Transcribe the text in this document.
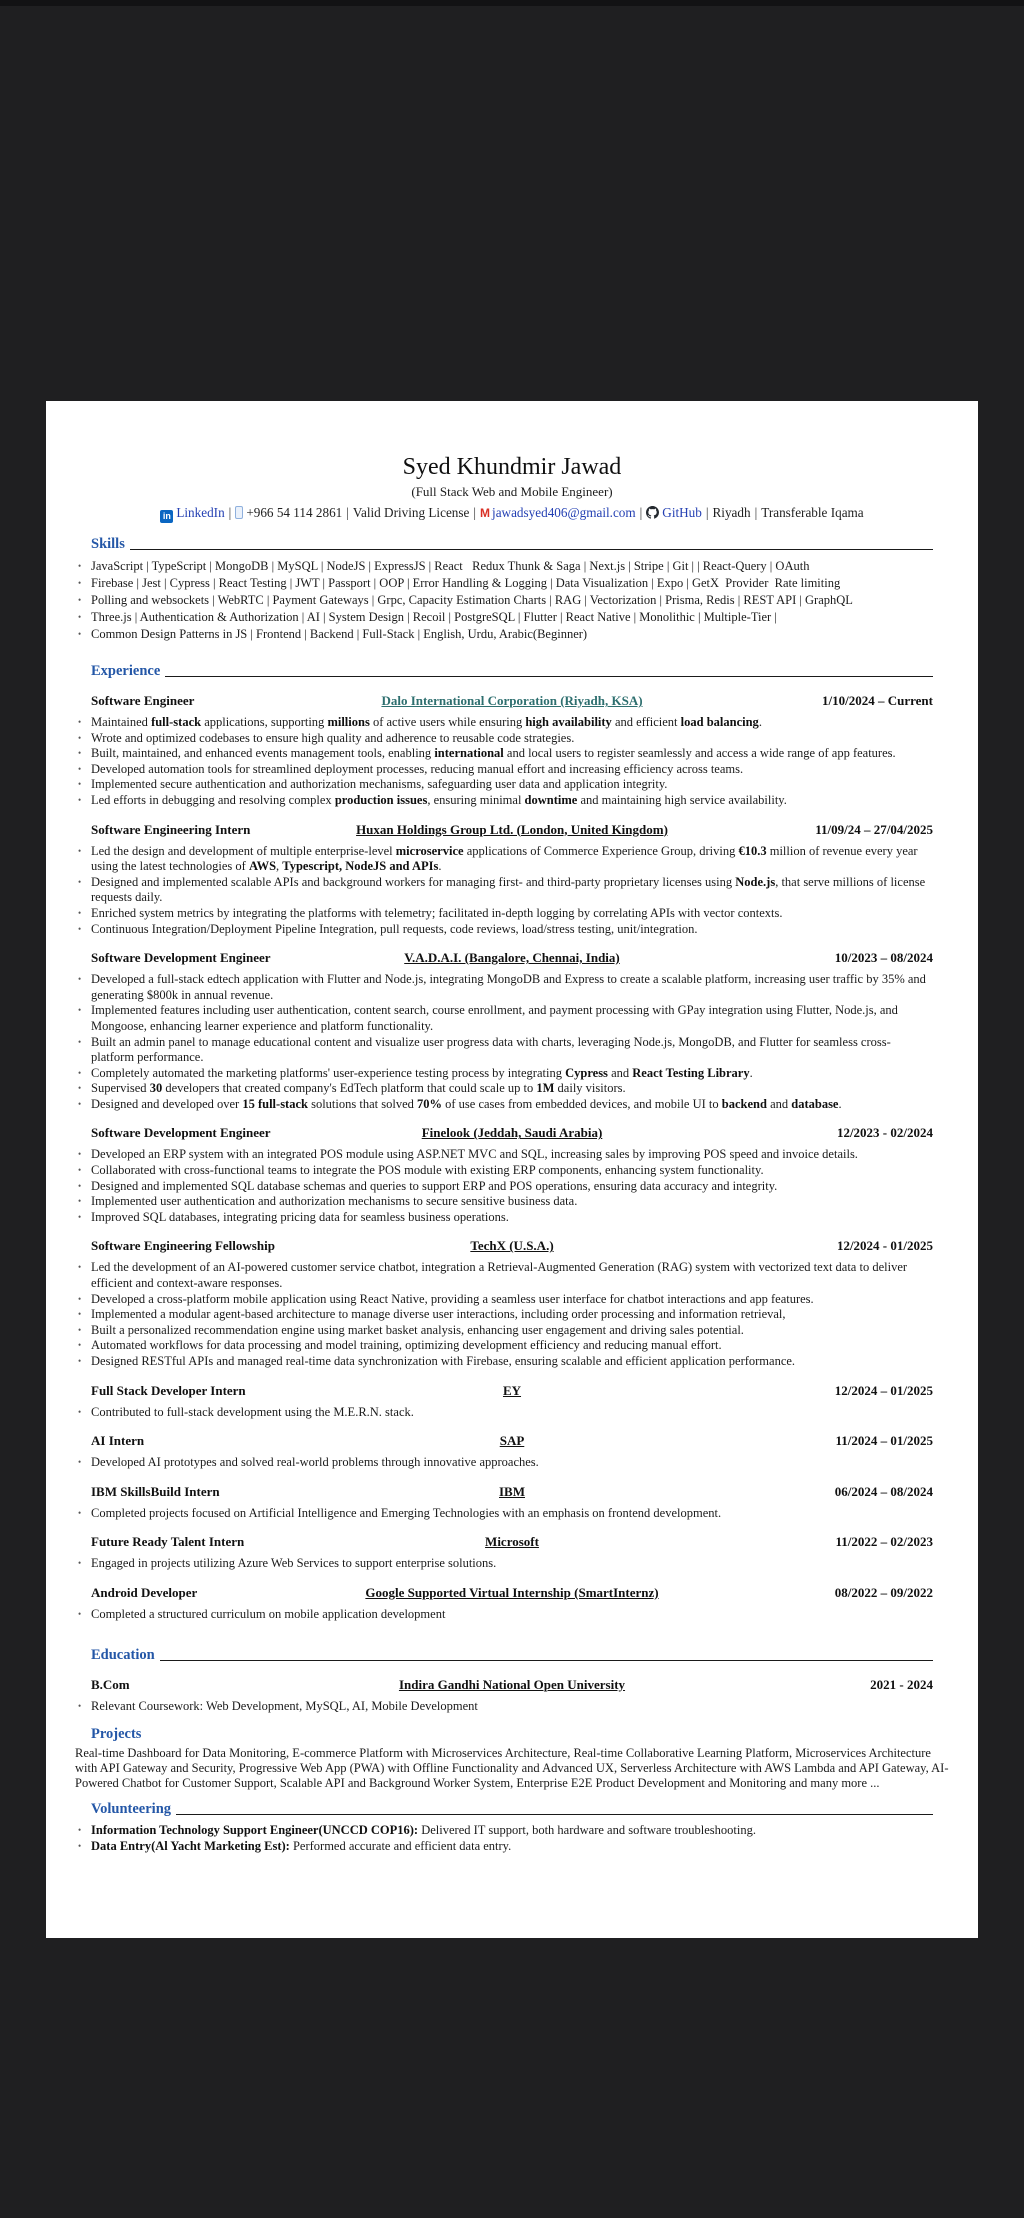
Syed Khundmir Jawad
(Full Stack Web and Mobile Engineer)
in LinkedIn | +966 54 114 2861 | Valid Driving License | M jawadsyed406@gmail.com | GitHub | Riyadh | Transferable Iqama
Skills
• JavaScript | TypeScript | MongoDB | MySQL | NodeJS | ExpressJS | React   Redux Thunk & Saga | Next.js | Stripe | Git | | React-Query | OAuth
• Firebase | Jest | Cypress | React Testing | JWT | Passport | OOP | Error Handling & Logging | Data Visualization | Expo | GetX  Provider  Rate limiting
• Polling and websockets | WebRTC | Payment Gateways | Grpc, Capacity Estimation Charts | RAG | Vectorization | Prisma, Redis | REST API | GraphQL
• Three.js | Authentication & Authorization | AI | System Design | Recoil | PostgreSQL | Flutter | React Native | Monolithic | Multiple-Tier |
• Common Design Patterns in JS | Frontend | Backend | Full-Stack | English, Urdu, Arabic(Beginner)
Experience
Software Engineer	Dalo International Corporation (Riyadh, KSA)	1/10/2024 – Current
• Maintained full-stack applications, supporting millions of active users while ensuring high availability and efficient load balancing.
• Wrote and optimized codebases to ensure high quality and adherence to reusable code strategies.
• Built, maintained, and enhanced events management tools, enabling international and local users to register seamlessly and access a wide range of app features.
• Developed automation tools for streamlined deployment processes, reducing manual effort and increasing efficiency across teams.
• Implemented secure authentication and authorization mechanisms, safeguarding user data and application integrity.
• Led efforts in debugging and resolving complex production issues, ensuring minimal downtime and maintaining high service availability.
Software Engineering Intern	Huxan Holdings Group Ltd. (London, United Kingdom)	11/09/24 – 27/04/2025
• Led the design and development of multiple enterprise-level microservice applications of Commerce Experience Group, driving €10.3 million of revenue every year using the latest technologies of AWS, Typescript, NodeJS and APIs.
• Designed and implemented scalable APIs and background workers for managing first- and third-party proprietary licenses using Node.js, that serve millions of license requests daily.
• Enriched system metrics by integrating the platforms with telemetry; facilitated in-depth logging by correlating APIs with vector contexts.
• Continuous Integration/Deployment Pipeline Integration, pull requests, code reviews, load/stress testing, unit/integration.
Software Development Engineer	V.A.D.A.I. (Bangalore, Chennai, India)	10/2023 – 08/2024
• Developed a full-stack edtech application with Flutter and Node.js, integrating MongoDB and Express to create a scalable platform, increasing user traffic by 35% and generating $800k in annual revenue.
• Implemented features including user authentication, content search, course enrollment, and payment processing with GPay integration using Flutter, Node.js, and Mongoose, enhancing learner experience and platform functionality.
• Built an admin panel to manage educational content and visualize user progress data with charts, leveraging Node.js, MongoDB, and Flutter for seamless cross-platform performance.
• Completely automated the marketing platforms' user-experience testing process by integrating Cypress and React Testing Library.
• Supervised 30 developers that created company's EdTech platform that could scale up to 1M daily visitors.
• Designed and developed over 15 full-stack solutions that solved 70% of use cases from embedded devices, and mobile UI to backend and database.
Software Development Engineer	Finelook (Jeddah, Saudi Arabia)	12/2023 - 02/2024
• Developed an ERP system with an integrated POS module using ASP.NET MVC and SQL, increasing sales by improving POS speed and invoice details.
• Collaborated with cross-functional teams to integrate the POS module with existing ERP components, enhancing system functionality.
• Designed and implemented SQL database schemas and queries to support ERP and POS operations, ensuring data accuracy and integrity.
• Implemented user authentication and authorization mechanisms to secure sensitive business data.
• Improved SQL databases, integrating pricing data for seamless business operations.
Software Engineering Fellowship	TechX (U.S.A.)	12/2024 - 01/2025
• Led the development of an AI-powered customer service chatbot, integration a Retrieval-Augmented Generation (RAG) system with vectorized text data to deliver efficient and context-aware responses.
• Developed a cross-platform mobile application using React Native, providing a seamless user interface for chatbot interactions and app features.
• Implemented a modular agent-based architecture to manage diverse user interactions, including order processing and information retrieval,
• Built a personalized recommendation engine using market basket analysis, enhancing user engagement and driving sales potential.
• Automated workflows for data processing and model training, optimizing development efficiency and reducing manual effort.
• Designed RESTful APIs and managed real-time data synchronization with Firebase, ensuring scalable and efficient application performance.
Full Stack Developer Intern	EY	12/2024 – 01/2025
• Contributed to full-stack development using the M.E.R.N. stack.
AI Intern	SAP	11/2024 – 01/2025
• Developed AI prototypes and solved real-world problems through innovative approaches.
IBM SkillsBuild Intern	IBM	06/2024 – 08/2024
• Completed projects focused on Artificial Intelligence and Emerging Technologies with an emphasis on frontend development.
Future Ready Talent Intern	Microsoft	11/2022 – 02/2023
• Engaged in projects utilizing Azure Web Services to support enterprise solutions.
Android Developer	Google Supported Virtual Internship (SmartInternz)	08/2022 – 09/2022
• Completed a structured curriculum on mobile application development
Education
B.Com	Indira Gandhi National Open University	2021 - 2024
• Relevant Coursework: Web Development, MySQL, AI, Mobile Development
Projects
Real-time Dashboard for Data Monitoring, E-commerce Platform with Microservices Architecture, Real-time Collaborative Learning Platform, Microservices Architecture with API Gateway and Security, Progressive Web App (PWA) with Offline Functionality and Advanced UX, Serverless Architecture with AWS Lambda and API Gateway, AI-Powered Chatbot for Customer Support, Scalable API and Background Worker System, Enterprise E2E Product Development and Monitoring and many more ...
Volunteering
• Information Technology Support Engineer(UNCCD COP16): Delivered IT support, both hardware and software troubleshooting.
• Data Entry(Al Yacht Marketing Est): Performed accurate and efficient data entry.
